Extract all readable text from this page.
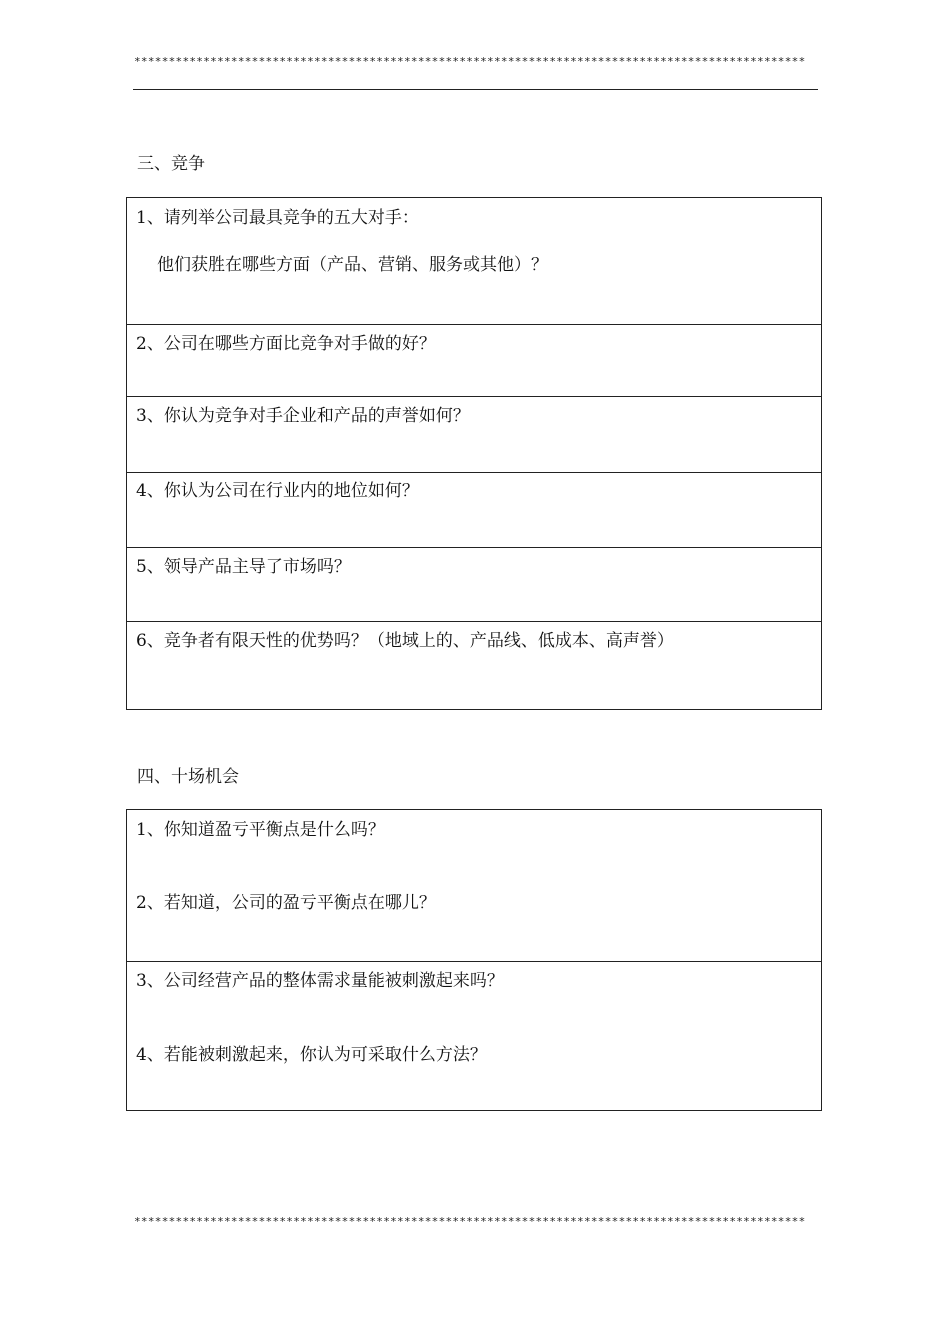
*************************************************************************************************
三、竞争
1、请列举公司最具竞争的五大对手：
他们获胜在哪些方面（产品、营销、服务或其他）？
2、公司在哪些方面比竞争对手做的好？
3、你认为竞争对手企业和产品的声誉如何？
4、你认为公司在行业内的地位如何？
5、领导产品主导了市场吗？
6、竞争者有限天性的优势吗？（地域上的、产品线、低成本、高声誉）
四、十场机会
1、你知道盈亏平衡点是什么吗？
2、若知道，公司的盈亏平衡点在哪儿？
3、公司经营产品的整体需求量能被刺激起来吗？
4、若能被刺激起来，你认为可采取什么方法？
*************************************************************************************************
